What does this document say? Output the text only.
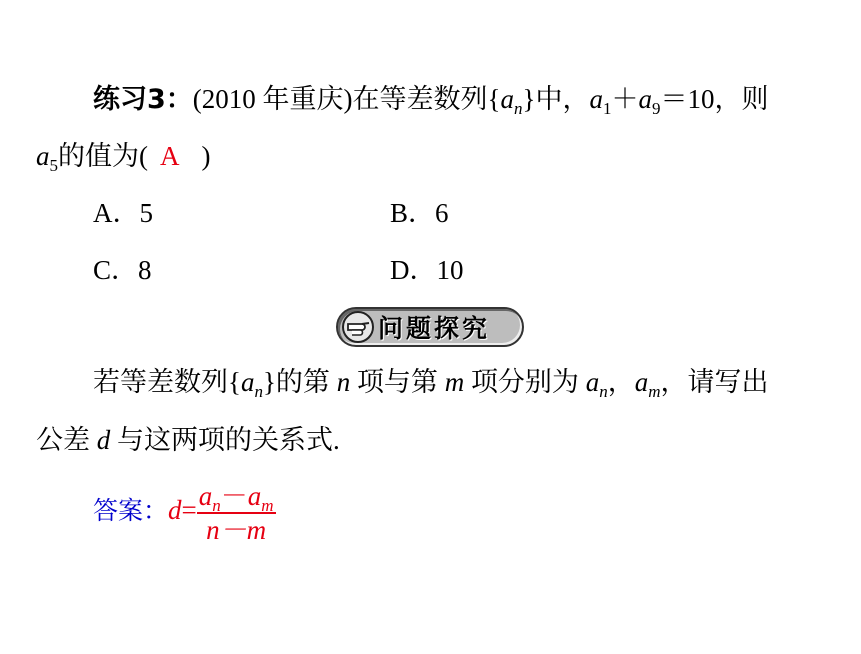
练习3：(2010 年重庆)在等差数列$\{a_n\}$中，$a_1+a_9=10$，则
$a_5$的值为( A )
A．5	B．6
C．8	D．10
问题探究
若等差数列$\{a_n\}$的第 n 项与第 m 项分别为 $a_n$，$a_m$，请写出
公差 d 与这两项的关系式.
答案：$d= \frac{a_n-a_m}{n-m}$
